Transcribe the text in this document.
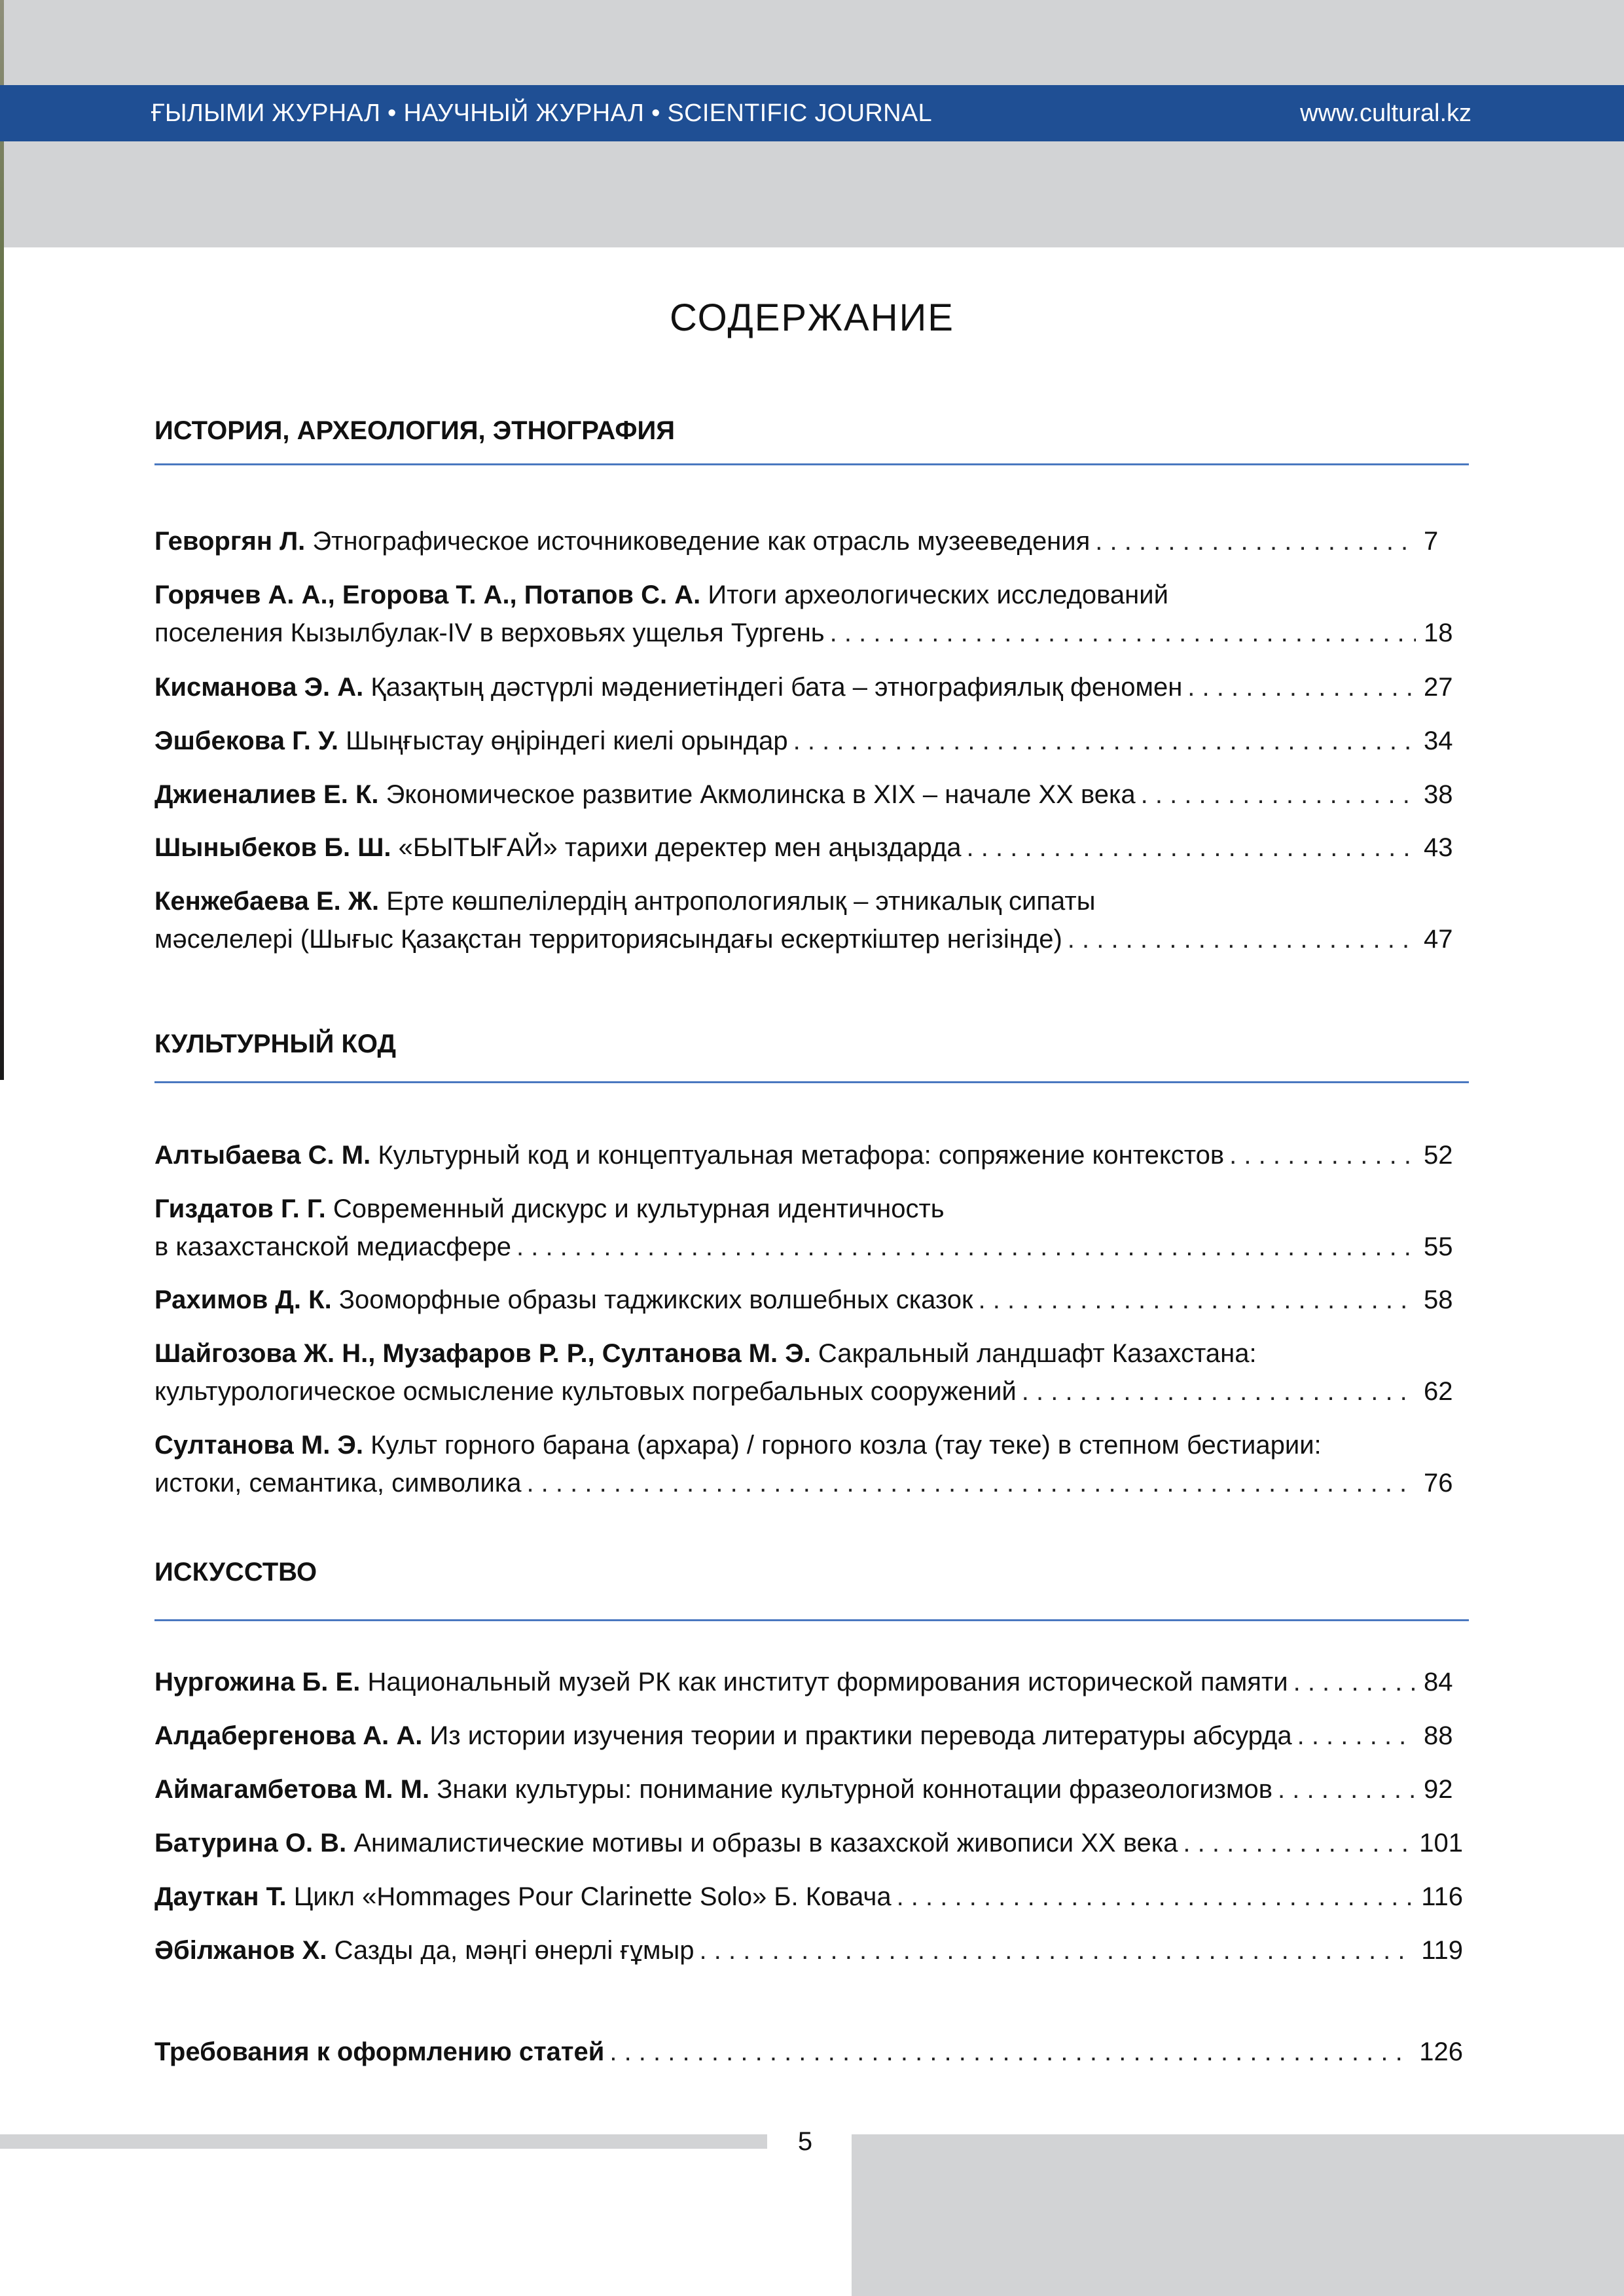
ҒЫЛЫМИ ЖУРНАЛ • НАУЧНЫЙ ЖУРНАЛ • SCIENTIFIC JOURNAL	www.cultural.kz
СОДЕРЖАНИЕ
ИСТОРИЯ, АРХЕОЛОГИЯ, ЭТНОГРАФИЯ
Геворгян Л. Этнографическое источниковедение как отрасль музееведения . . .	7
Горячев А. А., Егорова Т. А., Потапов С. А. Итоги археологических исследований
поселения Кызылбулак-IV в верховьях ущелья Тургень . . .	18
Кисманова Э. А. Қазақтың дәстүрлі мәдениетіндегі бата – этнографиялық феномен . . .	27
Эшбекова Г. У. Шыңғыстау өңіріндегі киелі орындар . . .	34
Джиеналиев Е. К. Экономическое развитие Акмолинска в XIX – начале XX века . . .	38
Шыныбеков Б. Ш. «БЫТЫҒАЙ» тарихи деректер мен аңыздарда . . .	43
Кенжебаева Е. Ж. Ерте көшпелілердің антропологиялық – этникалық сипаты
мәселелері (Шығыс Қазақстан территориясындағы ескерткіштер негізінде) . . .	47
КУЛЬТУРНЫЙ КОД
Алтыбаева С. М. Культурный код и концептуальная метафора: сопряжение контекстов . . .	52
Гиздатов Г. Г. Современный дискурс и культурная идентичность
в казахстанской медиасфере . . .	55
Рахимов Д. К. Зооморфные образы таджикских волшебных сказок . . .	58
Шайгозова Ж. Н., Музафаров Р. Р., Султанова М. Э. Сакральный ландшафт Казахстана:
культурологическое осмысление культовых погребальных сооружений . . .	62
Султанова М. Э. Культ горного барана (архара) / горного козла (тау теке) в степном бестиарии:
истоки, семантика, символика . . .	76
ИСКУССТВО
Нургожина Б. Е. Национальный музей РК как институт формирования исторической памяти . . .	84
Алдабергенова А. А. Из истории изучения теории и практики перевода литературы абсурда . . .	88
Аймагамбетова М. М. Знаки культуры: понимание культурной коннотации фразеологизмов . . .	92
Батурина О. В. Анималистические мотивы и образы в казахской живописи XX века . . .	101
Дауткан Т. Цикл «Hommages Pour Clarinette Solo» Б. Ковача . . .	116
Әбілжанов Х. Сазды да, мәңгі өнерлі ғұмыр . . .	119
Требования к оформлению статей . . .	126
5
